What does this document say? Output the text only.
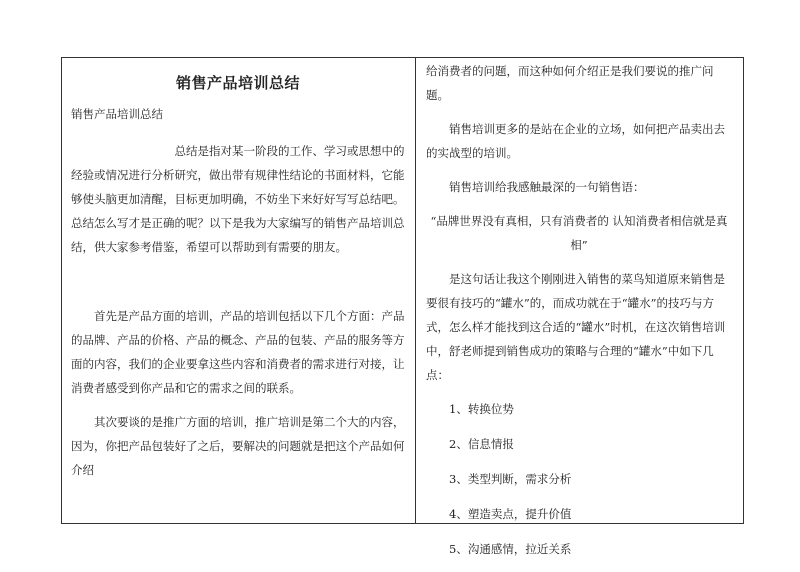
销售产品培训总结

销售产品培训总结

总结是指对某一阶段的工作、学习或思想中的经验或情况进行分析研究，做出带有规律性结论的书面材料，它能够使头脑更加清醒，目标更加明确，不妨坐下来好好写写总结吧。总结怎么写才是正确的呢？以下是我为大家编写的销售产品培训总结，供大家参考借鉴，希望可以帮助到有需要的朋友。

首先是产品方面的培训，产品的培训包括以下几个方面：产品的品牌、产品的价格、产品的概念、产品的包装、产品的服务等方面的内容，我们的企业要拿这些内容和消费者的需求进行对接，让消费者感受到你产品和它的需求之间的联系。

其次要谈的是推广方面的培训，推广培训是第二个大的内容，因为，你把产品包装好了之后，要解决的问题就是把这个产品如何介绍

给消费者的问题，而这种如何介绍正是我们要说的推广问题。

销售培训更多的是站在企业的立场，如何把产品卖出去的实战型的培训。

销售培训给我感触最深的一句销售语：

“品牌世界没有真相，只有消费者的 认知消费者相信就是真相”

是这句话让我这个刚刚进入销售的菜鸟知道原来销售是要很有技巧的“罐水”的，而成功就在于“罐水”的技巧与方式，怎么样才能找到这合适的“罐水”时机，在这次销售培训中，舒老师提到销售成功的策略与合理的“罐水”中如下几点：

1、转换位势

2、信息情报

3、类型判断，需求分析

4、塑造卖点，提升价值

5、沟通感情，拉近关系
